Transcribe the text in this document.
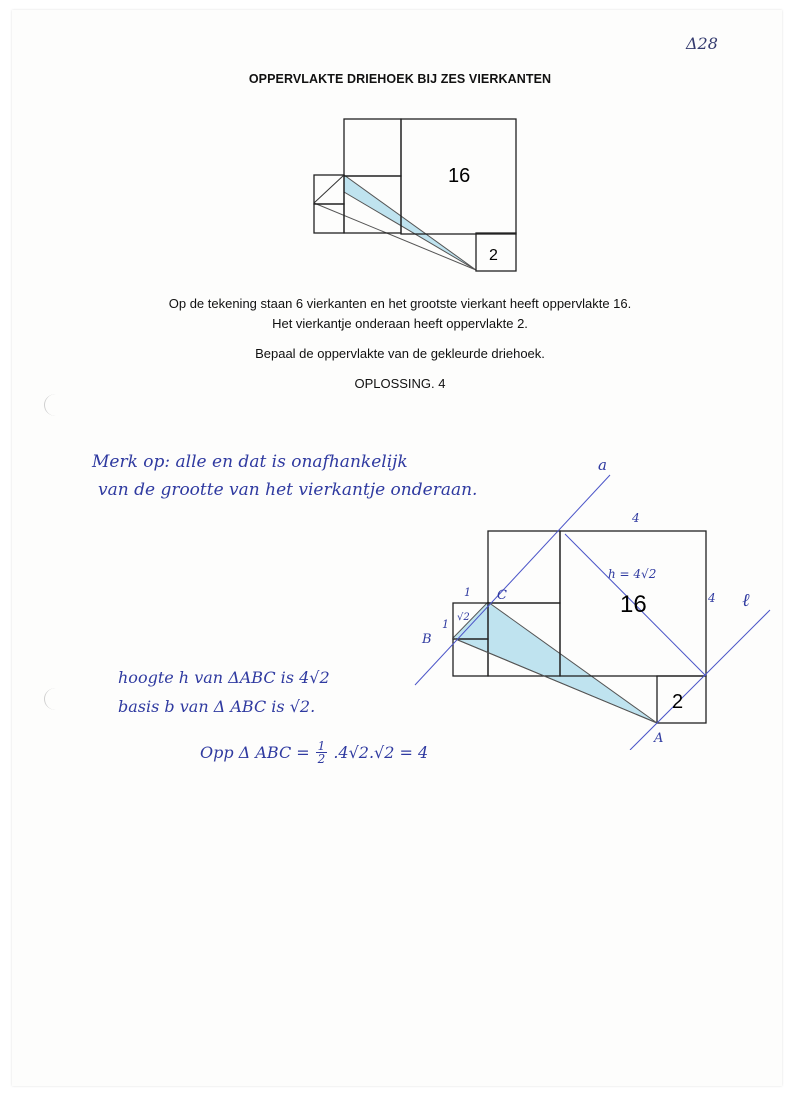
Δ28
OPPERVLAKTE DRIEHOEK BIJ ZES VIERKANTEN
16
2
Op de tekening staan 6 vierkanten en het grootste vierkant heeft oppervlakte 16.
Het vierkantje onderaan heeft oppervlakte 2.
Bepaal de oppervlakte van de gekleurde driehoek.
OPLOSSING. 4
Merk op: alle en dat is onafhankelijk
van de grootte van het vierkantje onderaan.
a
ℓ
4
4
h = 4√2
√2
1
1
A
B
C	16
2
hoogte h van ΔABC is 4√2
basis b van Δ ABC is √2.
Opp Δ ABC = $\frac{1}{2} .4√2.√2 = 4$
